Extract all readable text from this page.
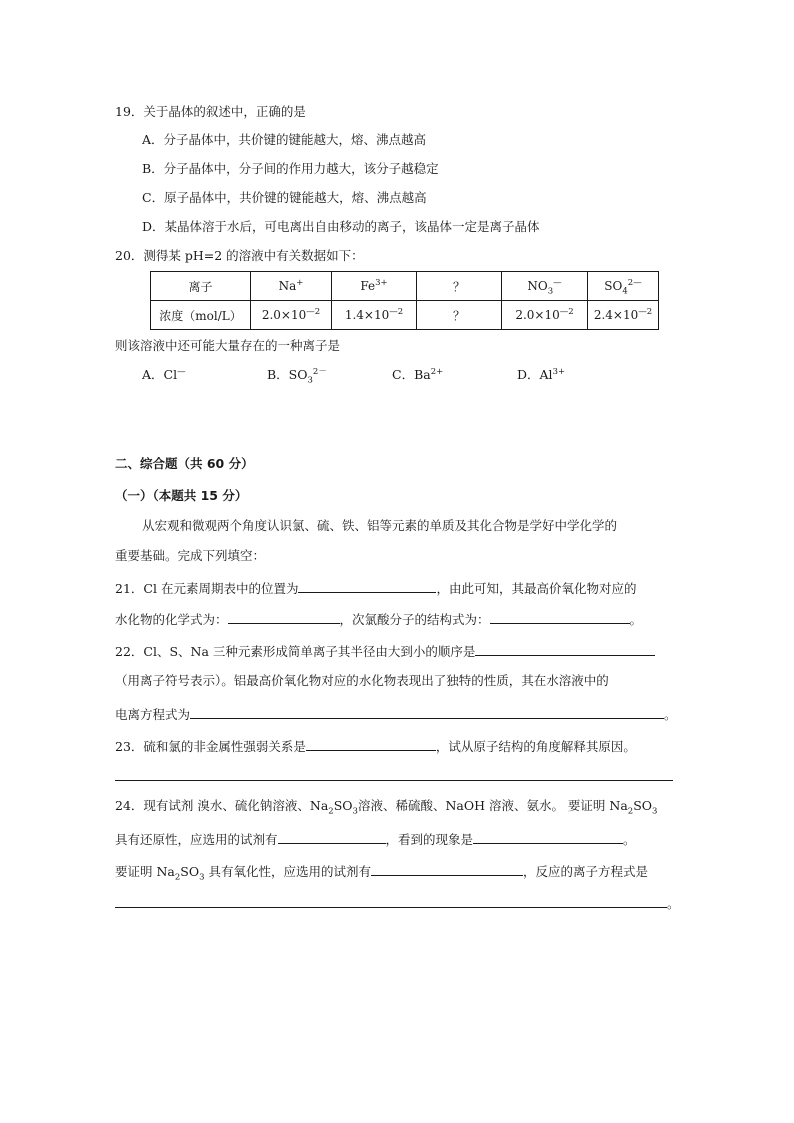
19．关于晶体的叙述中，正确的是
A．分子晶体中，共价键的键能越大，熔、沸点越高
B．分子晶体中，分子间的作用力越大，该分子越稳定
C．原子晶体中，共价键的键能越大，熔、沸点越高
D．某晶体溶于水后，可电离出自由移动的离子，该晶体一定是离子晶体
20．测得某 pH=2 的溶液中有关数据如下：
离子	Na+	$Fe^{3+}$	？	$NO_3^—$	$SO_4^{2—}$
浓度（mol/L）	$2.0\times 10^{—2}$	$1.4\times 10^{—2}$	？	$2.0\times 10^{—2}$	$2.4\times 10^{—2}$
则该溶液中还可能大量存在的一种离子是
A．Cl—	B．$SO_3^{2-}$	C．$Ba^{2+}$	D．$Al^{3+}$
二、综合题（共 60 分）
（一）（本题共 15 分）
从宏观和微观两个角度认识氯、硫、铁、铝等元素的单质及其化合物是学好中学化学的
重要基础。完成下列填空：
21．Cl 在元素周期表中的位置为	，由此可知，其最高价氧化物对应的
水化物的化学式为：	，次氯酸分子的结构式为：	。
22．Cl、S、Na 三种元素形成简单离子其半径由大到小的顺序是
（用离子符号表示）。铝最高价氧化物对应的水化物表现出了独特的性质，其在水溶液中的
电离方程式为	。
23．硫和氯的非金属性强弱关系是	，试从原子结构的角度解释其原因。
24．现有试剂 溴水、硫化钠溶液、$Na_2SO_3$溶液、稀硫酸、NaOH 溶液、氨水。 要证明 $Na_2SO_3$
具有还原性，应选用的试剂有	，看到的现象是	。
要证明 $Na_2SO_3$ 具有氧化性，应选用的试剂有	，反应的离子方程式是
。
